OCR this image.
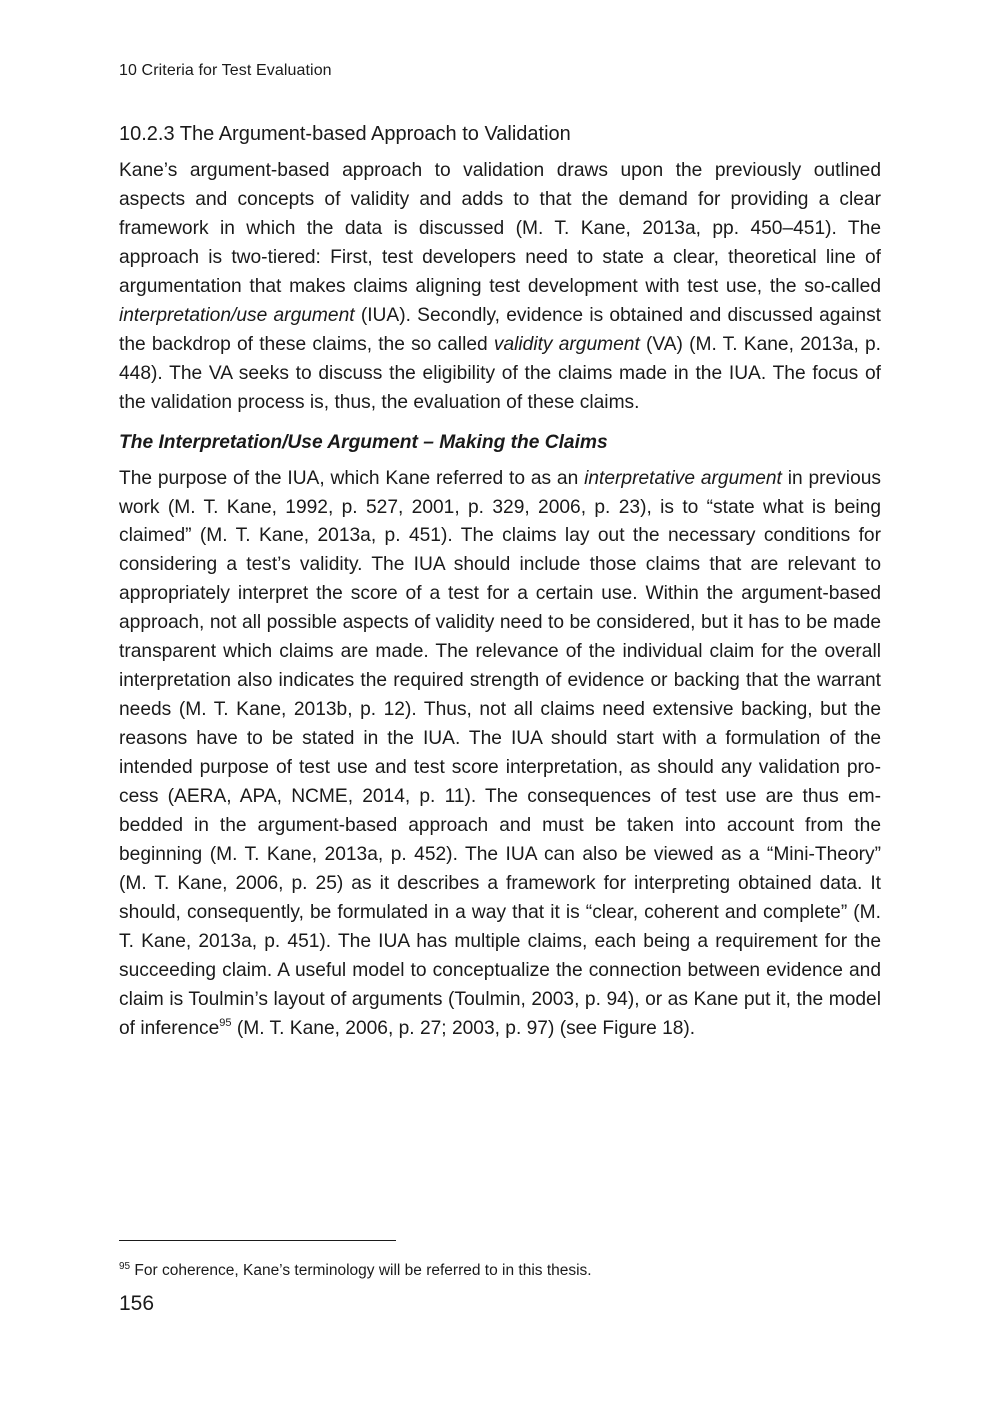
10 Criteria for Test Evaluation
10.2.3 The Argument-based Approach to Validation

Kane’s argument-based approach to validation draws upon the previously outlined aspects and concepts of validity and adds to that the demand for providing a clear framework in which the data is discussed (M. T. Kane, 2013a, pp. 450–451). The approach is two-tiered: First, test developers need to state a clear, theoretical line of argumentation that makes claims aligning test development with test use, the so-called interpretation/use argument (IUA). Secondly, evidence is obtained and discussed against the backdrop of these claims, the so called validity argument (VA) (M. T. Kane, 2013a, p. 448). The VA seeks to discuss the eligibility of the claims made in the IUA. The focus of the validation process is, thus, the evaluation of these claims.

The Interpretation/Use Argument – Making the Claims

The purpose of the IUA, which Kane referred to as an interpretative argument in previous work (M. T. Kane, 1992, p. 527, 2001, p. 329, 2006, p. 23), is to “state what is being claimed” (M. T. Kane, 2013a, p. 451). The claims lay out the necessary conditions for considering a test’s validity. The IUA should include those claims that are relevant to appropriately interpret the score of a test for a certain use. Within the argument-based approach, not all possible aspects of validity need to be considered, but it has to be made transparent which claims are made. The relevance of the individual claim for the overall interpretation also indicates the required strength of evidence or backing that the warrant needs (M. T. Kane, 2013b, p. 12). Thus, not all claims need extensive backing, but the reasons have to be stated in the IUA. The IUA should start with a formulation of the intended purpose of test use and test score interpretation, as should any validation process (AERA, APA, NCME, 2014, p. 11). The consequences of test use are thus embedded in the argument-based approach and must be taken into account from the beginning (M. T. Kane, 2013a, p. 452). The IUA can also be viewed as a “Mini-Theory” (M. T. Kane, 2006, p. 25) as it describes a framework for interpreting obtained data. It should, consequently, be formulated in a way that it is “clear, coherent and complete” (M. T. Kane, 2013a, p. 451). The IUA has multiple claims, each being a requirement for the succeeding claim. A useful model to conceptualize the connection between evidence and claim is Toulmin’s layout of arguments (Toulmin, 2003, p. 94), or as Kane put it, the model of inference$^{95}$ (M. T. Kane, 2006, p. 27; 2003, p. 97) (see Figure 18).

$^{95}$ For coherence, Kane’s terminology will be referred to in this thesis.
156
